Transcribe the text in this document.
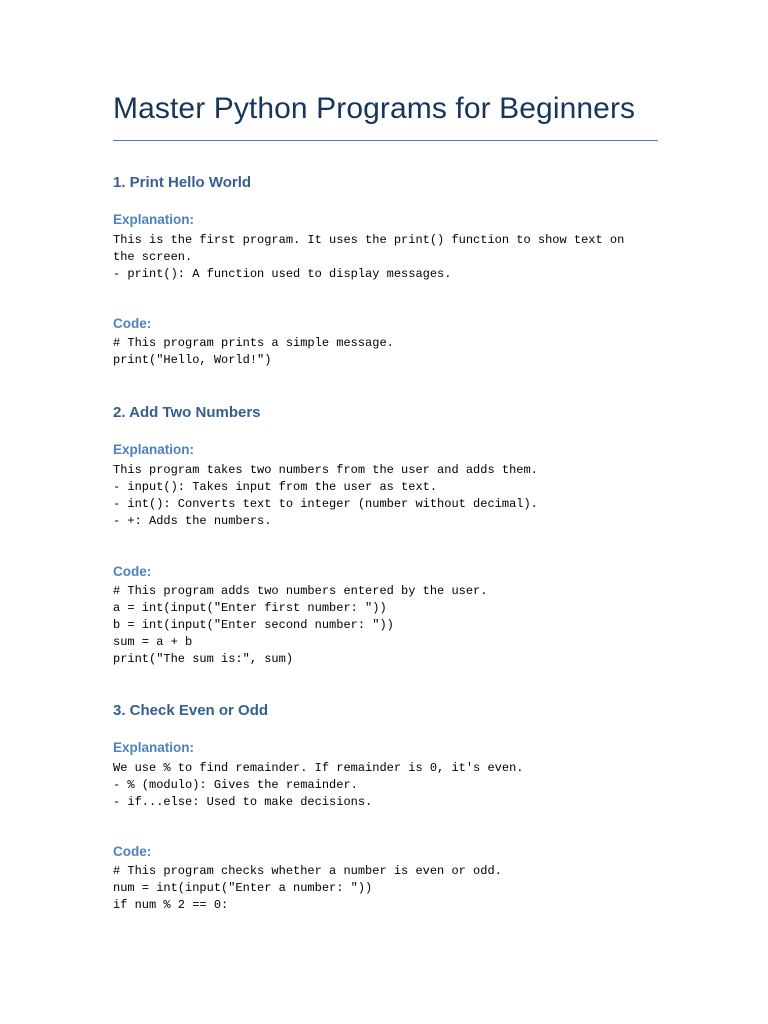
Master Python Programs for Beginners
1. Print Hello World
Explanation:
This is the first program. It uses the print() function to show text on
the screen.
- print(): A function used to display messages.
Code:
# This program prints a simple message.
print("Hello, World!")
2. Add Two Numbers
Explanation:
This program takes two numbers from the user and adds them.
- input(): Takes input from the user as text.
- int(): Converts text to integer (number without decimal).
- +: Adds the numbers.
Code:
# This program adds two numbers entered by the user.
a = int(input("Enter first number: "))
b = int(input("Enter second number: "))
sum = a + b
print("The sum is:", sum)
3. Check Even or Odd
Explanation:
We use % to find remainder. If remainder is 0, it's even.
- % (modulo): Gives the remainder.
- if...else: Used to make decisions.
Code:
# This program checks whether a number is even or odd.
num = int(input("Enter a number: "))
if num % 2 == 0:
